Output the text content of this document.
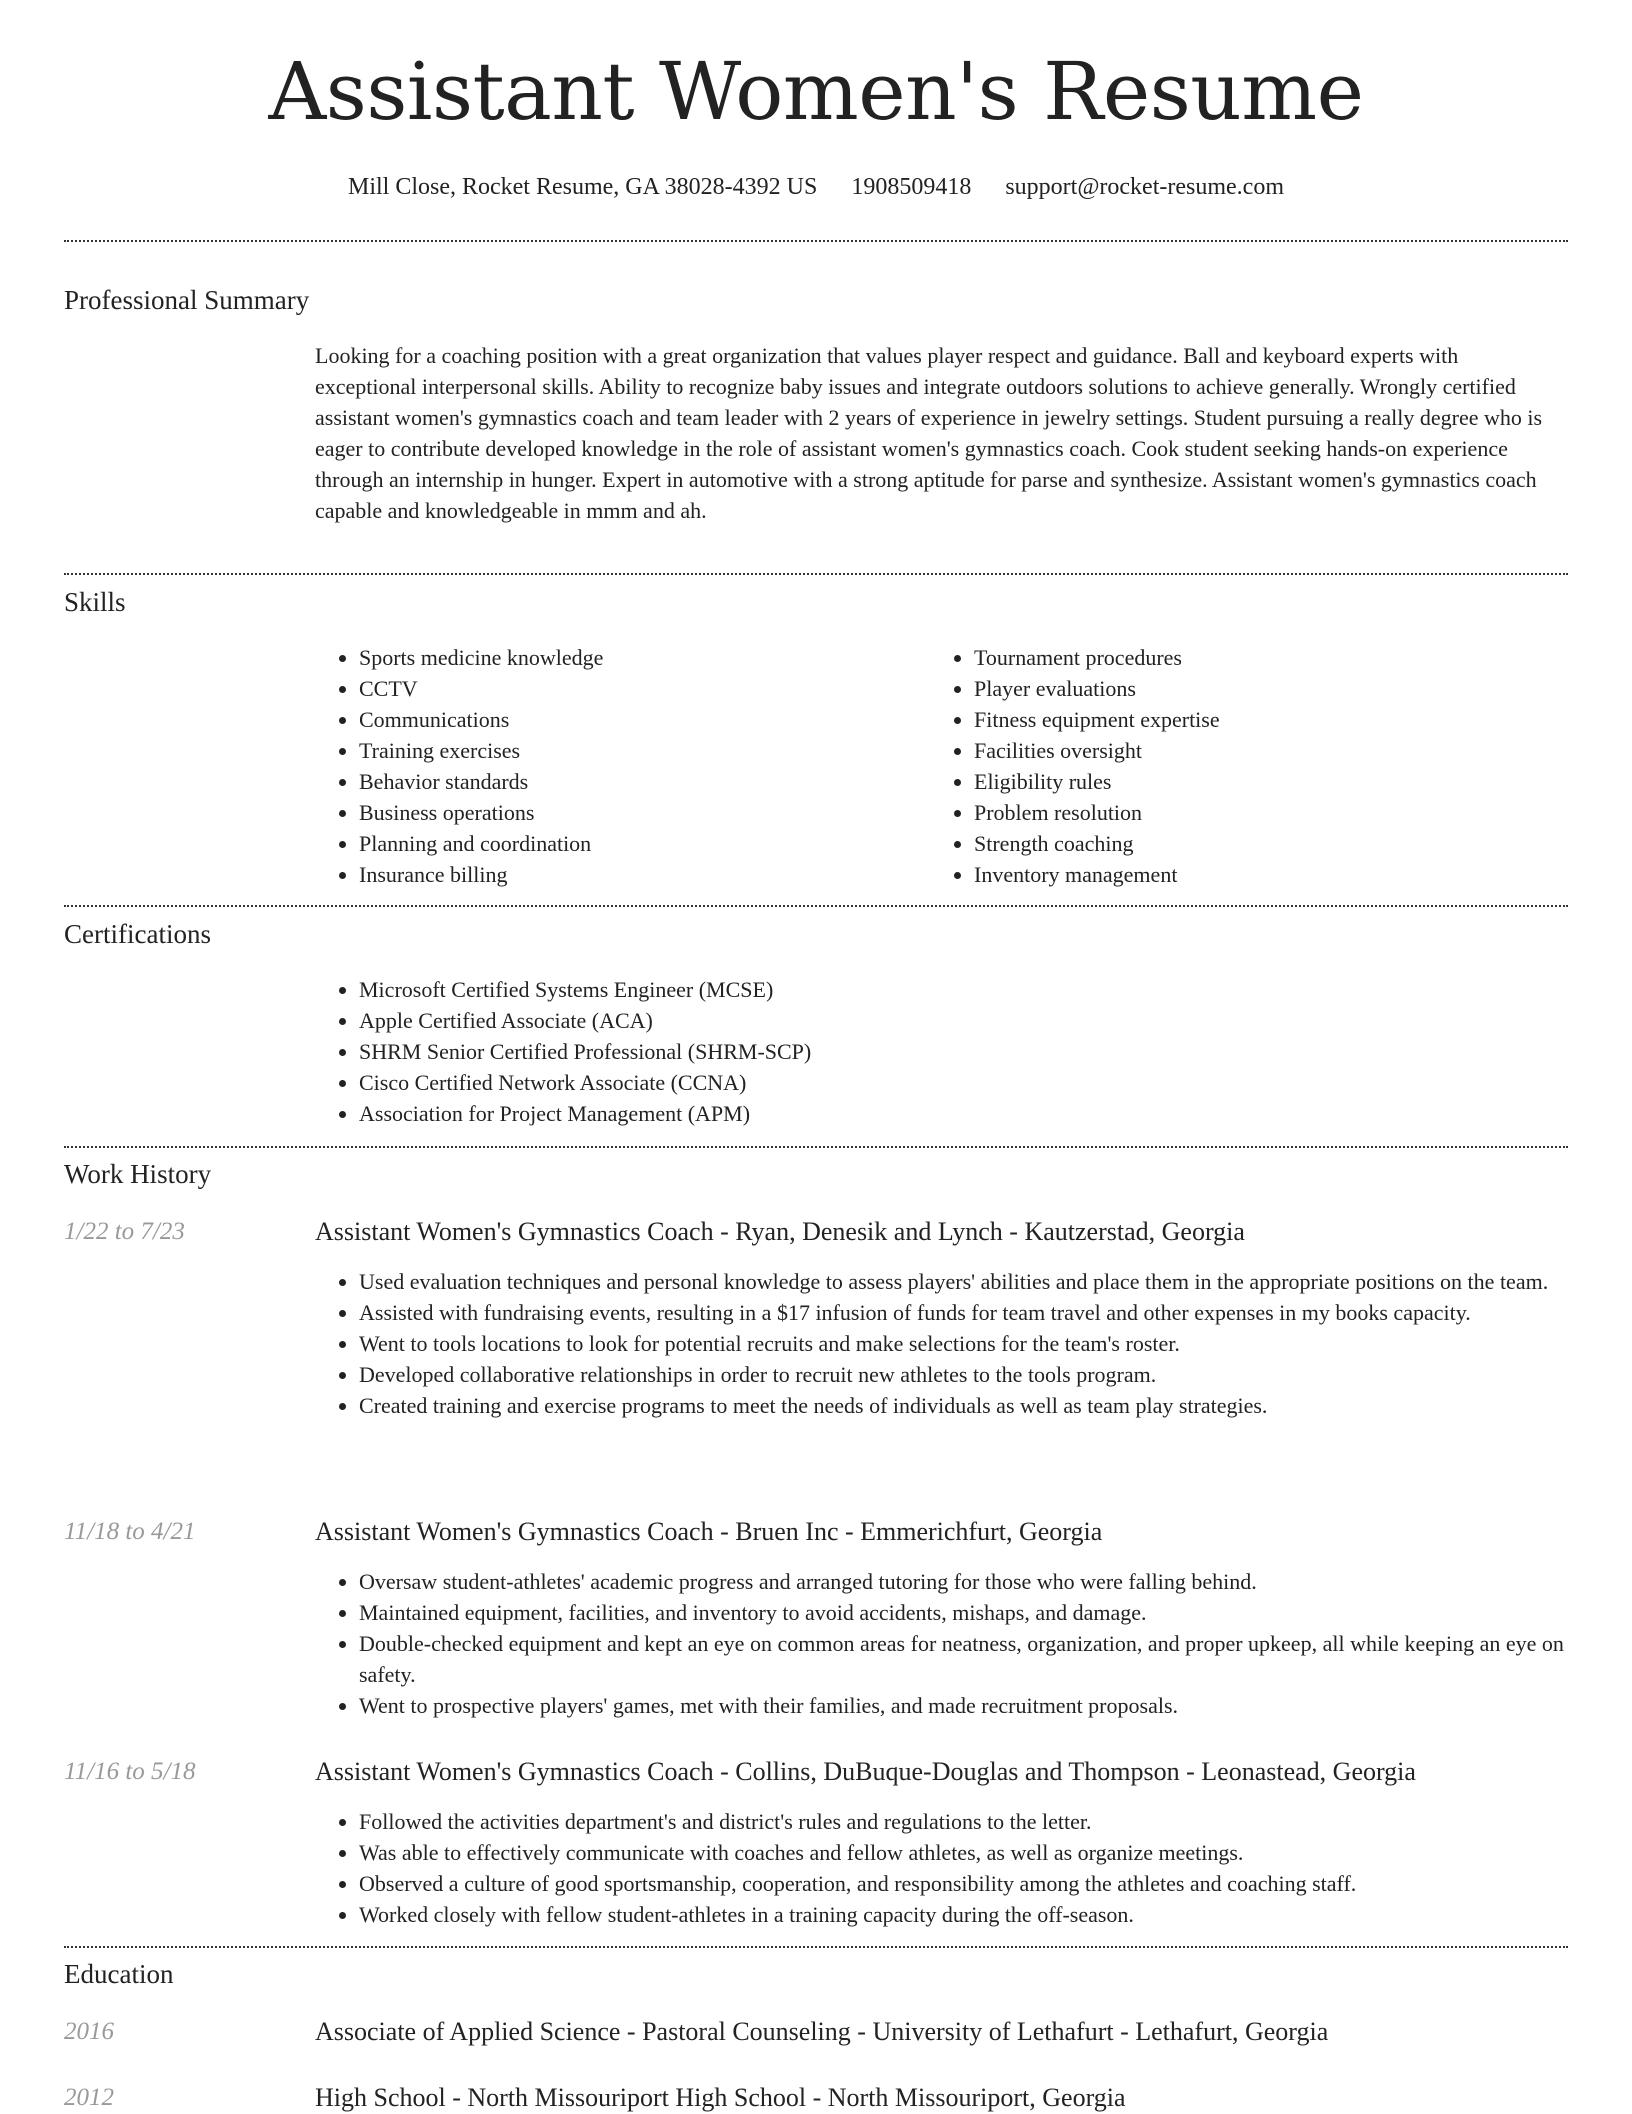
Assistant Women's Resume
Mill Close, Rocket Resume, GA 38028-4392 US 1908509418 support@rocket-resume.com
Professional Summary
Looking for a coaching position with a great organization that values player respect and guidance. Ball and keyboard experts with exceptional interpersonal skills. Ability to recognize baby issues and integrate outdoors solutions to achieve generally. Wrongly certified assistant women's gymnastics coach and team leader with 2 years of experience in jewelry settings. Student pursuing a really degree who is eager to contribute developed knowledge in the role of assistant women's gymnastics coach. Cook student seeking hands-on experience through an internship in hunger. Expert in automotive with a strong aptitude for parse and synthesize. Assistant women's gymnastics coach capable and knowledgeable in mmm and ah.
Skills
• Sports medicine knowledge
• CCTV
• Communications
• Training exercises
• Behavior standards
• Business operations
• Planning and coordination
• Insurance billing
• Tournament procedures
• Player evaluations
• Fitness equipment expertise
• Facilities oversight
• Eligibility rules
• Problem resolution
• Strength coaching
• Inventory management
Certifications
• Microsoft Certified Systems Engineer (MCSE)
• Apple Certified Associate (ACA)
• SHRM Senior Certified Professional (SHRM-SCP)
• Cisco Certified Network Associate (CCNA)
• Association for Project Management (APM)
Work History
1/22 to 7/23	Assistant Women's Gymnastics Coach - Ryan, Denesik and Lynch - Kautzerstad, Georgia
• Used evaluation techniques and personal knowledge to assess players' abilities and place them in the appropriate positions on the team.
• Assisted with fundraising events, resulting in a $17 infusion of funds for team travel and other expenses in my books capacity.
• Went to tools locations to look for potential recruits and make selections for the team's roster.
• Developed collaborative relationships in order to recruit new athletes to the tools program.
• Created training and exercise programs to meet the needs of individuals as well as team play strategies.
11/18 to 4/21	Assistant Women's Gymnastics Coach - Bruen Inc - Emmerichfurt, Georgia
• Oversaw student-athletes' academic progress and arranged tutoring for those who were falling behind.
• Maintained equipment, facilities, and inventory to avoid accidents, mishaps, and damage.
• Double-checked equipment and kept an eye on common areas for neatness, organization, and proper upkeep, all while keeping an eye on safety.
• Went to prospective players' games, met with their families, and made recruitment proposals.
11/16 to 5/18	Assistant Women's Gymnastics Coach - Collins, DuBuque-Douglas and Thompson - Leonastead, Georgia
• Followed the activities department's and district's rules and regulations to the letter.
• Was able to effectively communicate with coaches and fellow athletes, as well as organize meetings.
• Observed a culture of good sportsmanship, cooperation, and responsibility among the athletes and coaching staff.
• Worked closely with fellow student-athletes in a training capacity during the off-season.
Education
2016	Associate of Applied Science - Pastoral Counseling - University of Lethafurt - Lethafurt, Georgia
2012	High School - North Missouriport High School - North Missouriport, Georgia
